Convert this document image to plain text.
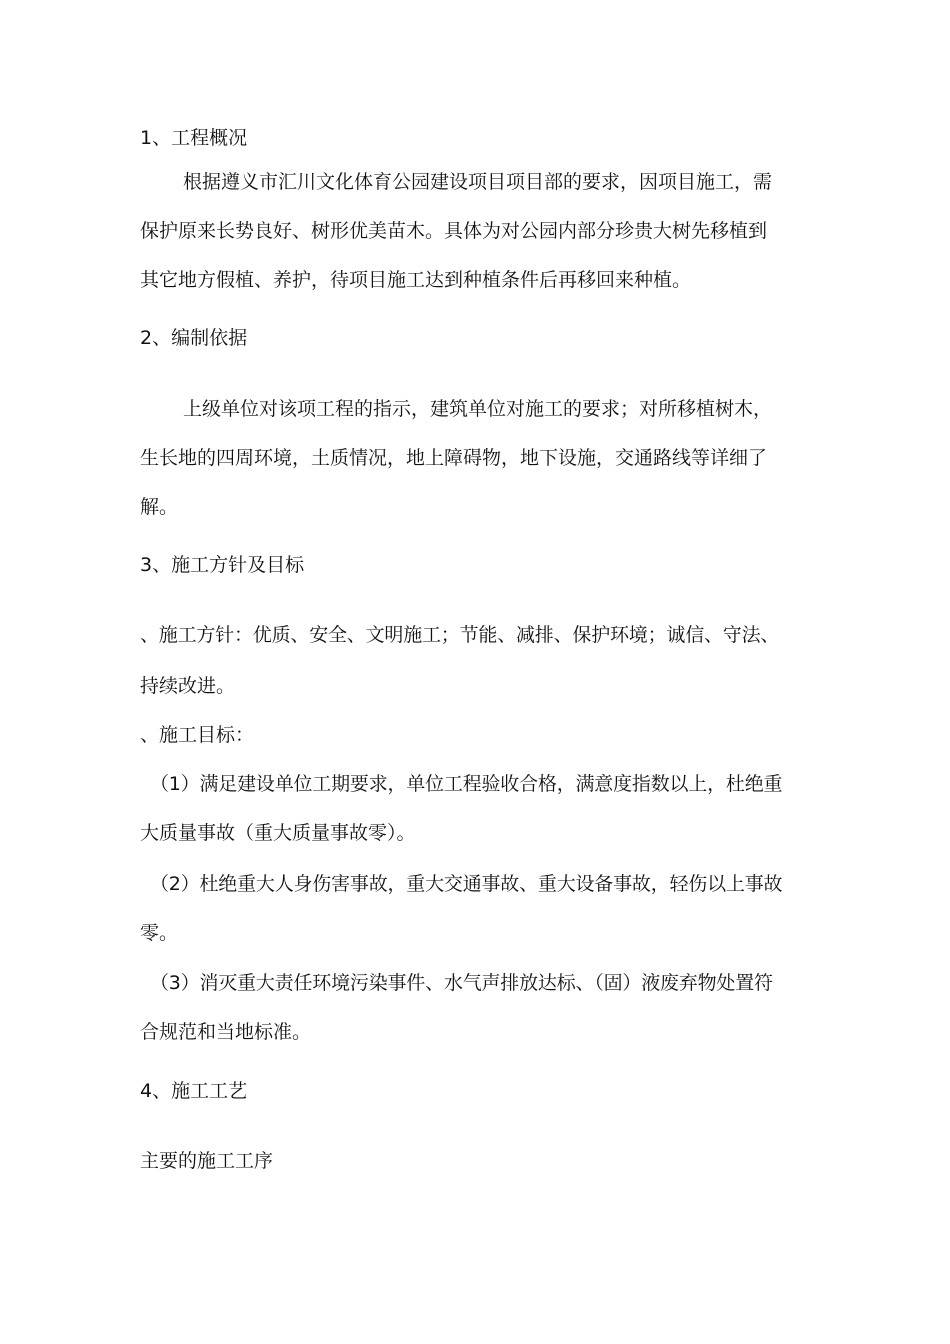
1、工程概况
根据遵义市汇川文化体育公园建设项目项目部的要求，因项目施工，需
保护原来长势良好、树形优美苗木。具体为对公园内部分珍贵大树先移植到
其它地方假植、养护，待项目施工达到种植条件后再移回来种植。
2、编制依据
上级单位对该项工程的指示，建筑单位对施工的要求；对所移植树木，
生长地的四周环境，土质情况，地上障碍物，地下设施，交通路线等详细了
解。
3、施工方针及目标
、施工方针：优质、安全、文明施工；节能、减排、保护环境；诚信、守法、
持续改进。
、施工目标：
（1）满足建设单位工期要求，单位工程验收合格，满意度指数以上，杜绝重
大质量事故（重大质量事故零）。
（2）杜绝重大人身伤害事故，重大交通事故、重大设备事故，轻伤以上事故
零。
（3）消灭重大责任环境污染事件、水气声排放达标、（固）液废弃物处置符
合规范和当地标准。
4、施工工艺
主要的施工工序
